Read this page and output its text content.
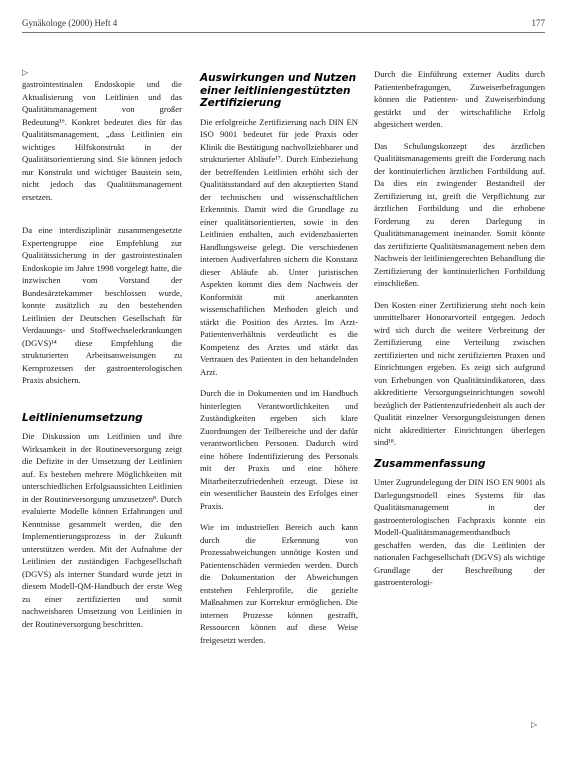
Gynäkologe (2000) Heft 4	177
▷

gastrointestinalen Endoskopie und die Aktualisierung von Leitlinien und das Qualitätsmanagement von großer Bedeutung¹⁶. Konkret bedeutet dies für das Qualitätsmanagement, „dass Leitlinien ein wichtiges Hilfskonstrukt in der Qualitätsorientierung sind. Sie können jedoch nur Konstrukt und wichtiger Baustein sein, nicht jedoch das Qualitätsmanagement ersetzen.

Da eine interdisziplinär zusammengesetzte Expertengruppe eine Empfehlung zur Qualitätssicherung in der gastrointestinalen Endoskopie im Jahre 1998 vorgelegt hatte, die inzwischen vom Vorstand der Bundesärztekammer beschlossen wurde, konnte zusätzlich zu den bestehenden Leitlinien der Deutschen Gesellschaft für Verdauungs- und Stoffwechselerkrankungen (DGVS)¹⁴ diese Empfehlung die strukturierten Arbeitsanweisungen zu Kernprozessen der gastroenterologischen Praxis absichern.

Leitlinienumsetzung

Die Diskussion um Leitlinien und ihre Wirksamkeit in der Routineversorgung zeigt die Defizite in der Umsetzung der Leitlinien auf. Es bestehen mehrere Möglichkeiten mit unterschiedlichen Erfolgsaussichten Leitlinien in der Routineversorgung umzusetzen⁸. Durch evaluierte Modelle können Erfahrungen und Kenntnisse gesammelt werden, die den Implementierungsprozess in der Zukunft unterstützen werden. Mit der Aufnahme der Leitlinien der zuständigen Fachgesellschaft (DGVS) als interner Standard wurde jetzt in diesem Modell-QM-Handbuch der erste Weg zu einer zertifizierten und somit nachweisbaren Umsetzung von Leitlinien in der Routineversorgung beschritten.

Auswirkungen und Nutzen einer leitliniengestützten Zertifizierung

Die erfolgreiche Zertifizierung nach DIN EN ISO 9001 bedeutet für jede Praxis oder Klinik die Bestätigung nachvollziehbarer und strukturierter Abläufe¹⁷. Durch Einbeziehung der betreffenden Leitlinien erhöht sich der Qualitätsstandard auf den akzeptierten Stand der technischen und wissenschaftlichen Erkenntnis. Damit wird die Grundlage zu einer qualitätsorientierten, sowie in den Leitlinien enthalten, auch evidenzbasierten Handlungsweise gelegt. Die verschiedenen internen Audiverfahren sichern die Konstanz dieser Abläufe ab. Unter juristischen Aspekten kommt dies dem Nachweis der Konformität mit anerkannten wissenschaftlichen Methoden gleich und stärkt die Position des Arztes. Im Arzt-Patientenverhältnis verdeutlicht es die Kompetenz des Arztes und stärkt das Vertrauen des Patienten in den behandelnden Arzt.

Durch die in Dokumenten und im Handbuch hinterlegten Verantwortlichkeiten und Zuständigkeiten ergeben sich klare Zuordnungen der Teilbereiche und der dafür verantwortlichen Personen. Dadurch wird eine höhere Indentifizierung des Personals mit der Praxis und eine höhere Mitarbeiterzufriedenheit erzeugt. Diese ist ein wesentlicher Baustein des Erfolges einer Praxis.

Wie im industriellen Bereich auch kann durch die Erkennung von Prozessabweichungen unnötige Kosten und Patientenschäden vermieden werden. Durch die Dokumentation der Abweichungen entstehen Fehlerprofile, die gezielte Maßnahmen zur Korrektur ermöglichen. Die internen Prozesse können gestrafft, Ressourcen können auf diese Weise freigesetzt werden.

Durch die Einführung externer Audits durch Patientenbefragungen, Zuweiserbefragungen können die Patienten- und Zuweiserbindung gestärkt und der wirtschaftliche Erfolg abgesichert werden.

Das Schulungskonzept des ärztlichen Qualitätsmanagements greift die Forderung nach der kontinuierlichen ärztlichen Fortbildung auf. Da dies ein zwingender Bestandteil der Zertifizierung ist, greift die Verpflichtung zur ärztlichen Fortbildung und die erhobene Forderung zu deren Darlegung in Qualitätsmanagement ineinander. Somit könnte das zertifizierte Qualitätsmanagement neben dem Nachweis der leitliniengerechten Behandlung die Zertifizierung der kontinuierlichen Fortbildung einschließen.

Den Kosten einer Zertifizierung steht noch kein unmittelbarer Honorarvorteil entgegen. Jedoch wird sich durch die weitere Verbreitung der Zertifizierung eine Verteilung zwischen zertifizierten und nicht zertifizierten Praxen und Einrichtungen ergeben. Es zeigt sich aufgrund von Erhebungen von Qualitätsindikatoren, dass akkreditierte Versorgungseinrichtungen sowohl bezüglich der Patientenzufriedenheit als auch der Qualität einzelner Versorgungsleistungen denen nicht akkreditierter Einrichtungen überlegen sind¹⁸.

Zusammenfassung

Unter Zugrundelegung der DIN ISO EN 9001 als Darlegungsmodell eines Systems für das Qualitätsmanagement in der gastroenterologischen Fachpraxis konnte ein Modell-Qualitätsmanagementhandbuch geschaffen werden, das die Leitlinien der nationalen Fachgesellschaft (DGVS) als wichtige Grundlage der Beschreibung der gastroenterologi-

▷
